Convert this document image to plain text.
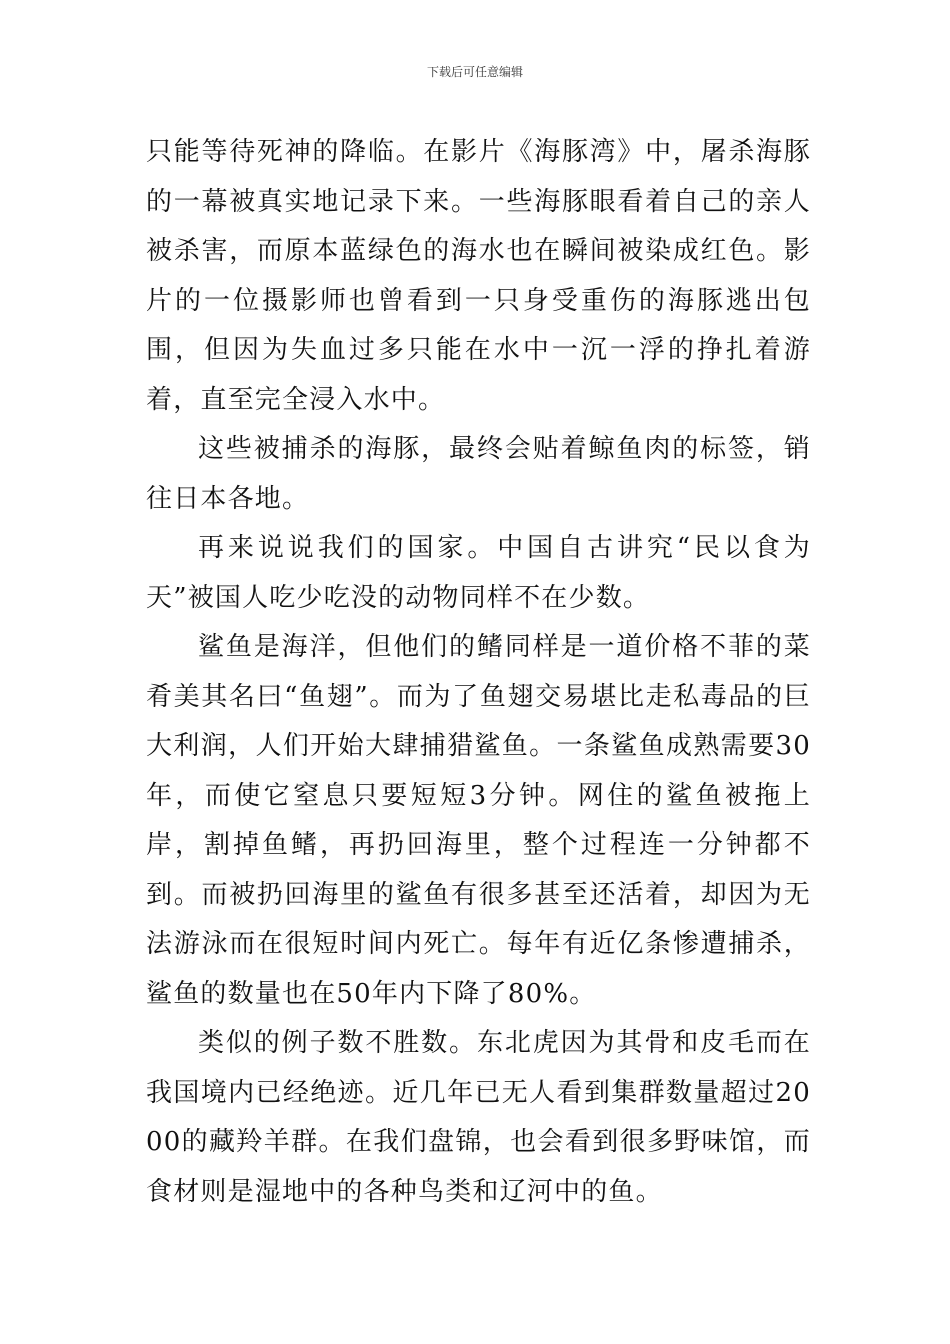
下载后可任意编辑

只能等待死神的降临。在影片《海豚湾》中，屠杀海豚的一幕被真实地记录下来。一些海豚眼看着自己的亲人被杀害，而原本蓝绿色的海水也在瞬间被染成红色。影片的一位摄影师也曾看到一只身受重伤的海豚逃出包围，但因为失血过多只能在水中一沉一浮的挣扎着游着，直至完全浸入水中。

这些被捕杀的海豚，最终会贴着鲸鱼肉的标签，销往日本各地。

再来说说我们的国家。中国自古讲究“民以食为天”被国人吃少吃没的动物同样不在少数。

鲨鱼是海洋，但他们的鳍同样是一道价格不菲的菜肴美其名曰“鱼翅”。而为了鱼翅交易堪比走私毒品的巨大利润，人们开始大肆捕猎鲨鱼。一条鲨鱼成熟需要30年，而使它窒息只要短短3分钟。网住的鲨鱼被拖上岸，割掉鱼鳍，再扔回海里，整个过程连一分钟都不到。而被扔回海里的鲨鱼有很多甚至还活着，却因为无法游泳而在很短时间内死亡。每年有近亿条惨遭捕杀，鲨鱼的数量也在50年内下降了80%。

类似的例子数不胜数。东北虎因为其骨和皮毛而在我国境内已经绝迹。近几年已无人看到集群数量超过2000的藏羚羊群。在我们盘锦，也会看到很多野味馆，而食材则是湿地中的各种鸟类和辽河中的鱼。
